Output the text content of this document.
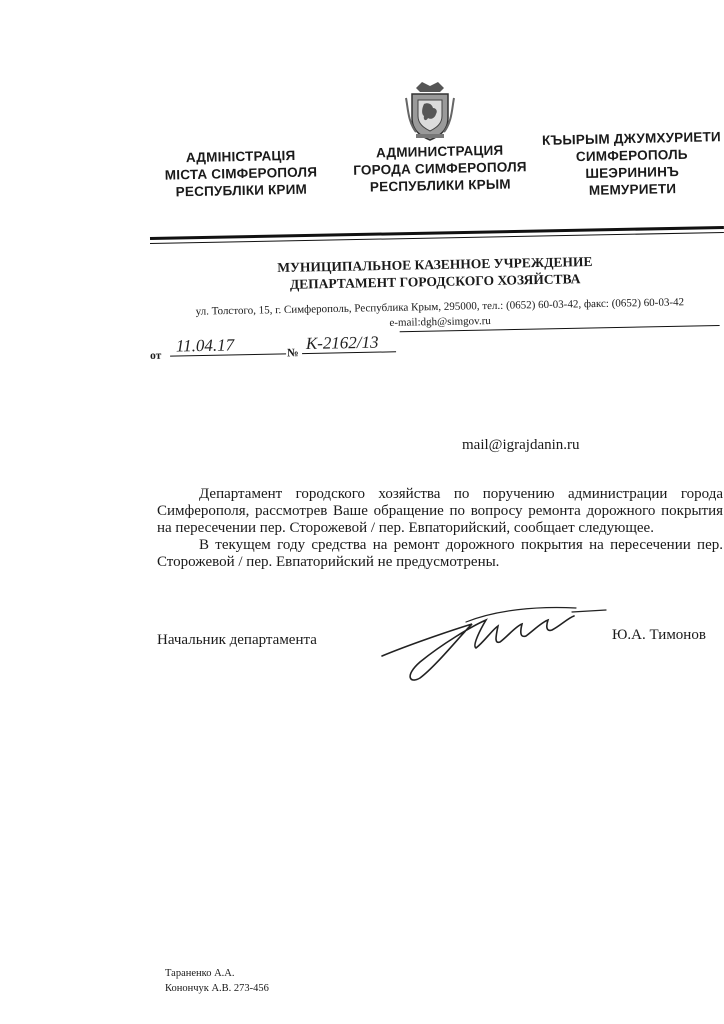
АДМІНІСТРАЦІЯ
МІСТА СІМФЕРОПОЛЯ
РЕСПУБЛІКИ КРИМ
АДМИНИСТРАЦИЯ
ГОРОДА СИМФЕРОПОЛЯ
РЕСПУБЛИКИ КРЫМ
КЪЫРЫМ ДЖУМХУРИЕТИ
СИМФЕРОПОЛЬ
ШЕЭРИНИНЪ
МЕМУРИЕТИ
МУНИЦИПАЛЬНОЕ КАЗЕННОЕ УЧРЕЖДЕНИЕ
ДЕПАРТАМЕНТ ГОРОДСКОГО ХОЗЯЙСТВА
ул. Толстого, 15, г. Симферополь, Республика Крым, 295000, тел.: (0652) 60-03-42, факс: (0652) 60-03-42
e-mail:dgh@simgov.ru
от
11.04.17	№
К-2162/13
mail@igrajdanin.ru

Департамент городского хозяйства по поручению администрации города Симферополя, рассмотрев Ваше обращение по вопросу ремонта дорожного покрытия на пересечении пер. Сторожевой / пер. Евпаторийский, сообщает следующее.

В текущем году средства на ремонт дорожного покрытия на пересечении пер. Сторожевой / пер. Евпаторийский не предусмотрены.

Начальник департамента	Ю.А. Тимонов
Тараненко А.А.
Конончук А.В. 273-456
